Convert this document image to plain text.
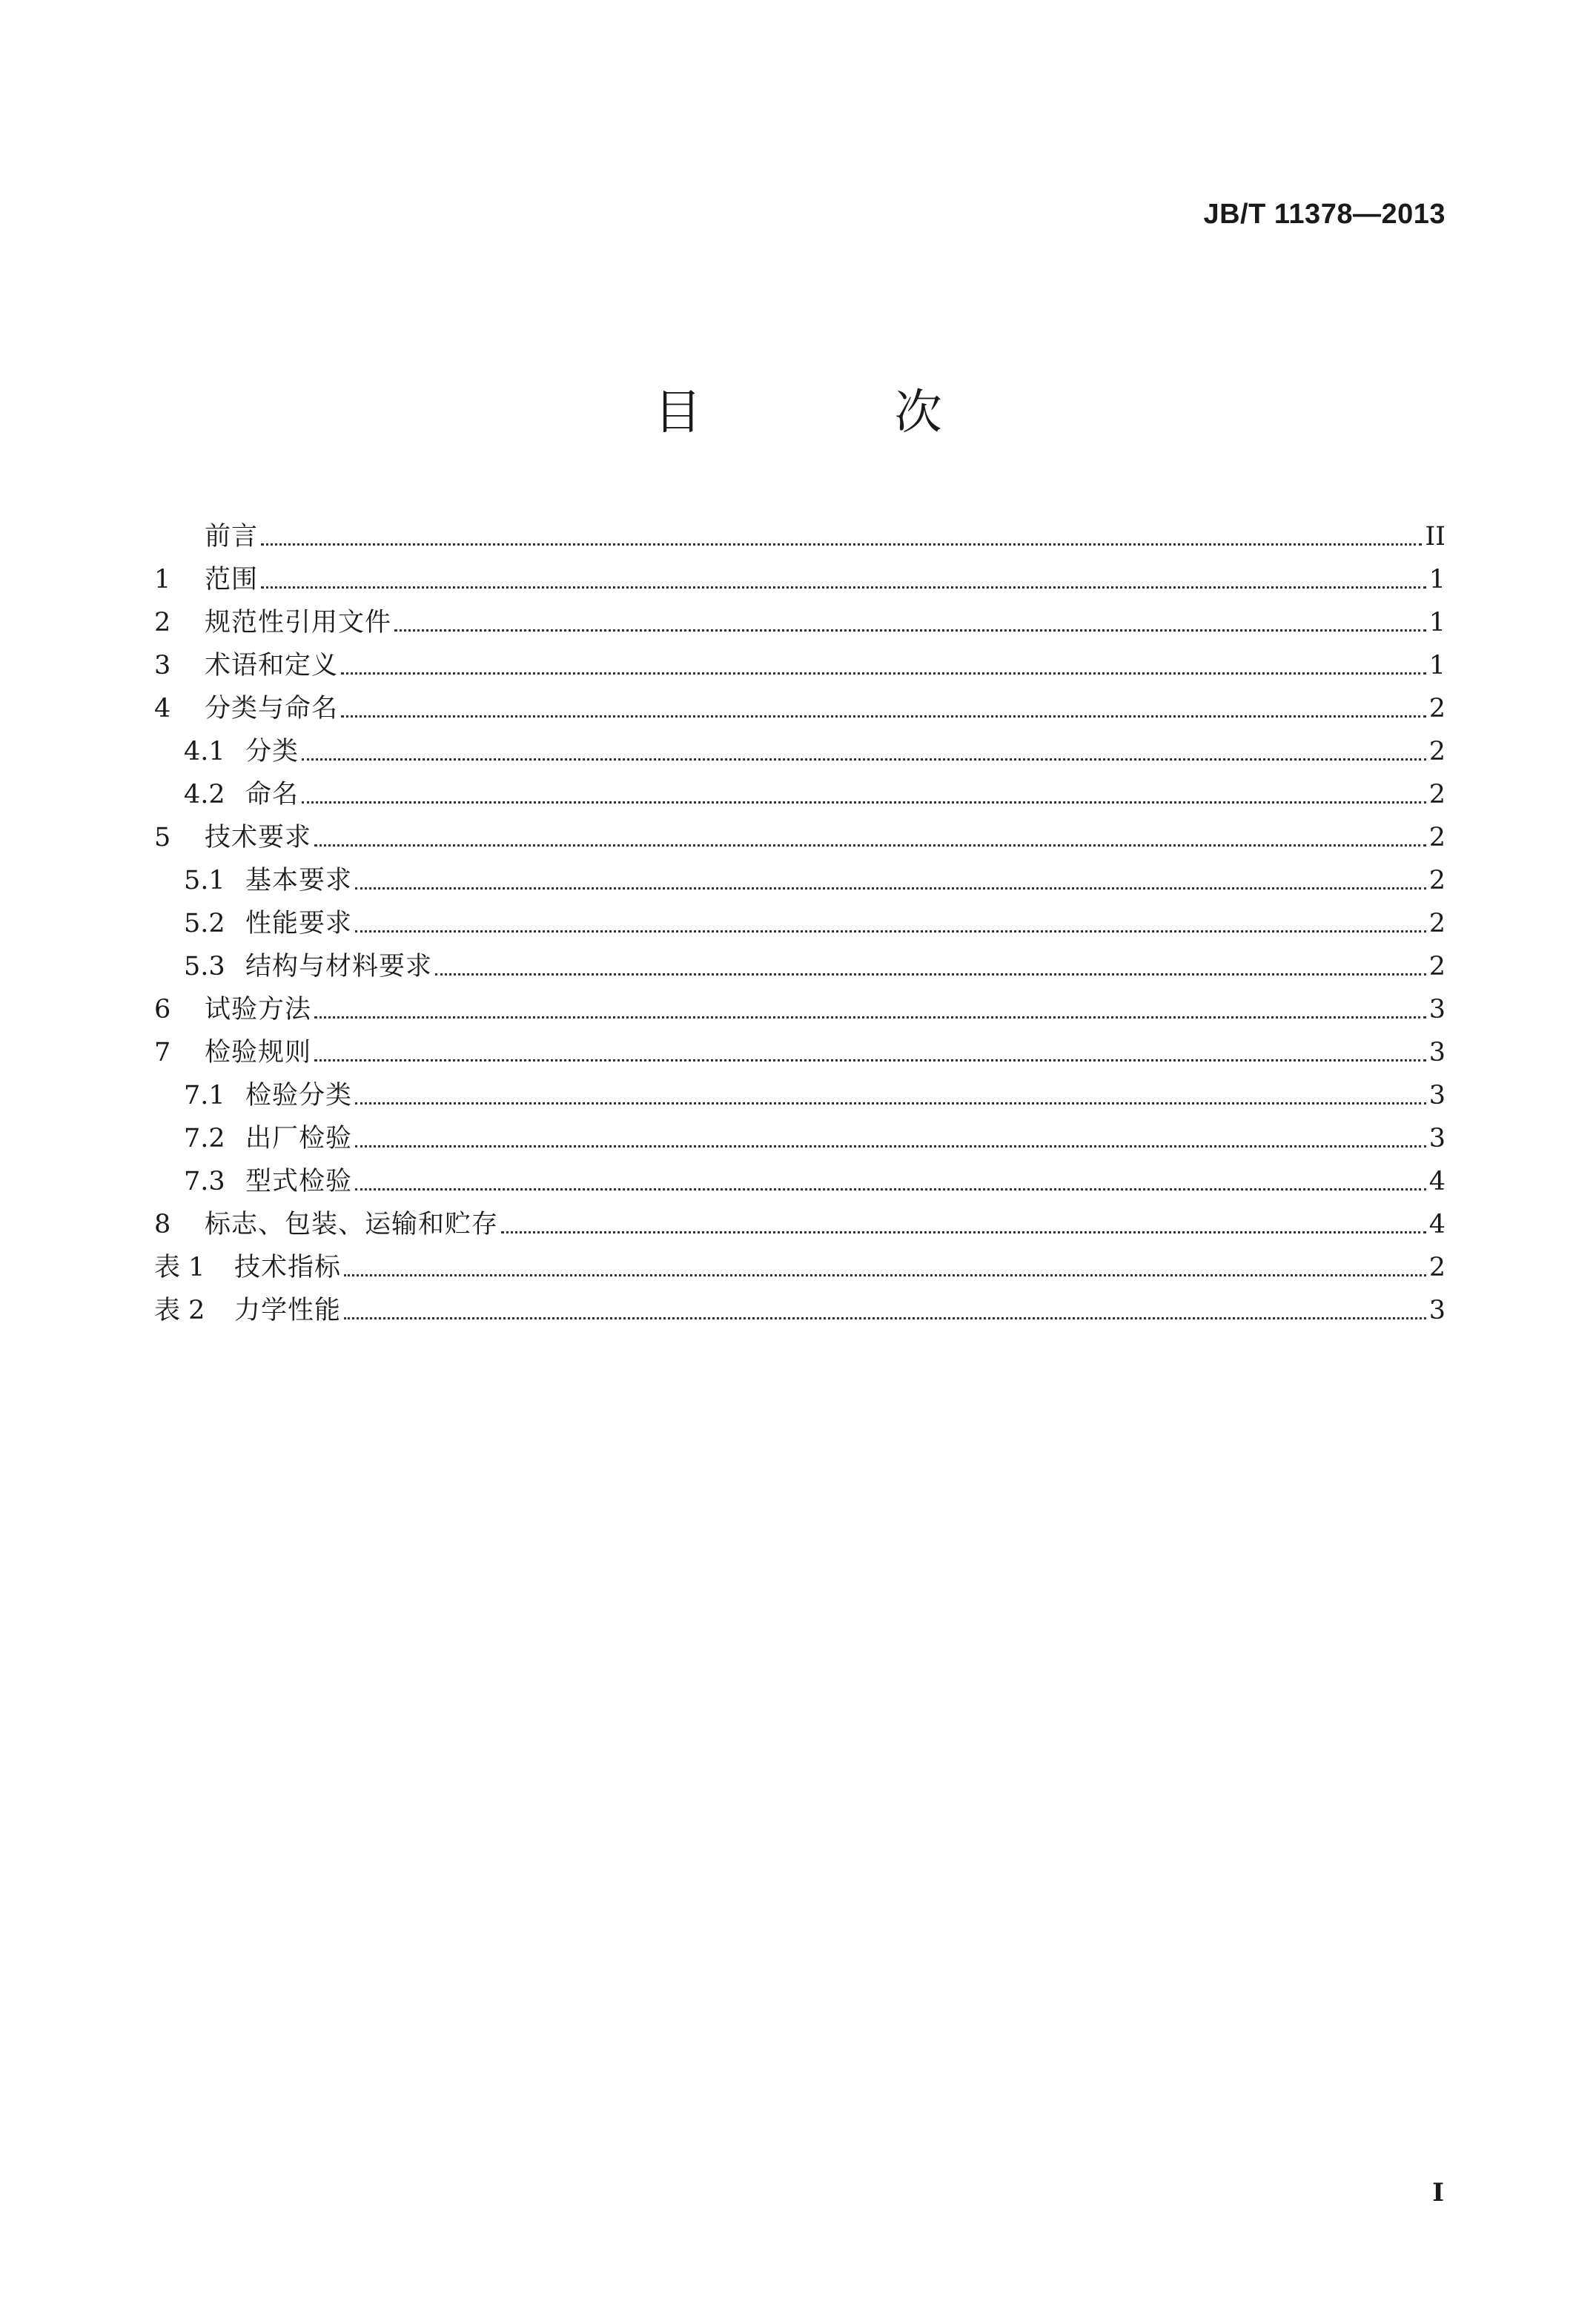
JB/T 11378—2013
目 次
前言	II
1	范围	1
2	规范性引用文件	1
3	术语和定义	1
4	分类与命名	2
4.1 分类	2
4.2 命名	2
5	技术要求	2
5.1 基本要求	2
5.2 性能要求	2
5.3 结构与材料要求	2
6	试验方法	3
7	检验规则	3
7.1 检验分类	3
7.2 出厂检验	3
7.3 型式检验	4
8	标志、包装、运输和贮存	4
表 1	技术指标	2
表 2	力学性能	3
I
